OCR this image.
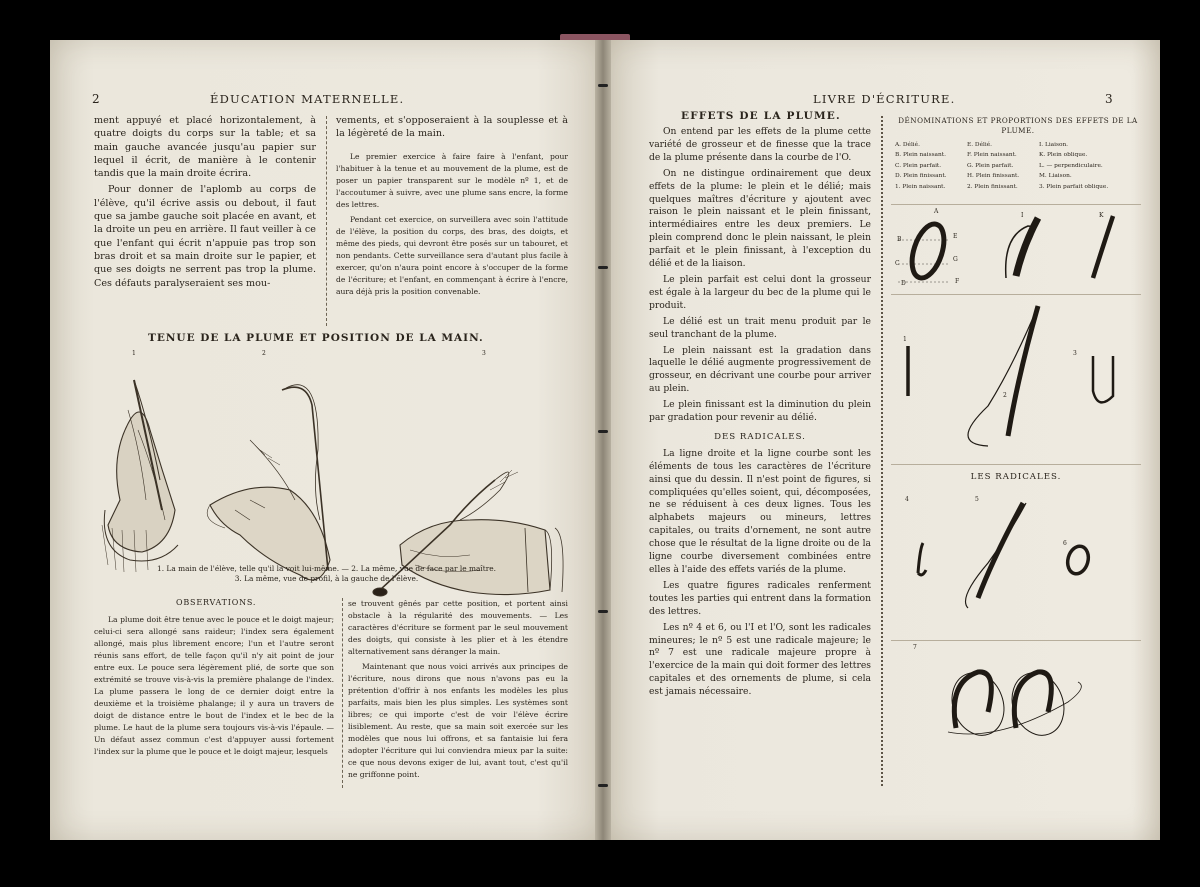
2	ÉDUCATION MATERNELLE.

ment appuyé et placé horizontalement, à quatre doigts du corps sur la table; et sa main gauche avancée jusqu'au papier sur lequel il écrit, de manière à le contenir tandis que la main droite écrira.

Pour donner de l'aplomb au corps de l'élève, qu'il écrive assis ou debout, il faut que sa jambe gauche soit placée en avant, et la droite un peu en arrière. Il faut veiller à ce que l'enfant qui écrit n'appuie pas trop son bras droit et sa main droite sur le papier, et que ses doigts ne serrent pas trop la plume. Ces défauts paralyseraient ses mou-

vements, et s'opposeraient à la souplesse et à la légèreté de la main.

Le premier exercice à faire faire à l'enfant, pour l'habituer à la tenue et au mouvement de la plume, est de poser un papier transparent sur le modèle nº 1, et de l'accoutumer à suivre, avec une plume sans encre, la forme des lettres.

Pendant cet exercice, on surveillera avec soin l'attitude de l'élève, la position du corps, des bras, des doigts, et même des pieds, qui devront être posés sur un tabouret, et non pendants. Cette surveillance sera d'autant plus facile à exercer, qu'on n'aura point encore à s'occuper de la forme de l'écriture; et l'enfant, en commençant à écrire à l'encre, aura déjà pris la position convenable.

TENUE DE LA PLUME ET POSITION DE LA MAIN.
1	2	3
1. La main de l'élève, telle qu'il la voit lui-même. — 2. La même, vue de face par le maître.
3. La même, vue de profil, à la gauche de l'élève.
OBSERVATIONS.

La plume doit être tenue avec le pouce et le doigt majeur; celui-ci sera allongé sans raideur; l'index sera également allongé, mais plus librement encore; l'un et l'autre seront réunis sans effort, de telle façon qu'il n'y ait point de jour entre eux. Le pouce sera légèrement plié, de sorte que son extrémité se trouve vis-à-vis la première phalange de l'index. La plume passera le long de ce dernier doigt entre la deuxième et la troisième phalange; il y aura un travers de doigt de distance entre le bout de l'index et le bec de la plume. Le haut de la plume sera toujours vis-à-vis l'épaule. — Un défaut assez commun c'est d'appuyer aussi fortement l'index sur la plume que le pouce et le doigt majeur, lesquels

se trouvent gênés par cette position, et portent ainsi obstacle à la régularité des mouvements. — Les caractères d'écriture se forment par le seul mouvement des doigts, qui consiste à les plier et à les étendre alternativement sans déranger la main.

Maintenant que nous voici arrivés aux principes de l'écriture, nous dirons que nous n'avons pas eu la prétention d'offrir à nos enfants les modèles les plus parfaits, mais bien les plus simples. Les systèmes sont libres; ce qui importe c'est de voir l'élève écrire lisiblement. Au reste, que sa main soit exercée sur les modèles que nous lui offrons, et sa fantaisie lui fera adopter l'écriture qui lui conviendra mieux par la suite: ce que nous devons exiger de lui, avant tout, c'est qu'il ne griffonne point.

LIVRE D'ÉCRITURE.	3
EFFETS DE LA PLUME.

On entend par les effets de la plume cette variété de grosseur et de finesse que la trace de la plume présente dans la courbe de l'O.

On ne distingue ordinairement que deux effets de la plume: le plein et le délié; mais quelques maîtres d'écriture y ajoutent avec raison le plein naissant et le plein finissant, intermédiaires entre les deux premiers. Le plein comprend donc le plein naissant, le plein parfait et le plein finissant, à l'exception du délié et de la liaison.

Le plein parfait est celui dont la grosseur est égale à la largeur du bec de la plume qui le produit.

Le délié est un trait menu produit par le seul tranchant de la plume.

Le plein naissant est la gradation dans laquelle le délié augmente progressivement de grosseur, en décrivant une courbe pour arriver au plein.

Le plein finissant est la diminution du plein par gradation pour revenir au délié.

DES RADICALES.

La ligne droite et la ligne courbe sont les éléments de tous les caractères de l'écriture ainsi que du dessin. Il n'est point de figures, si compliquées qu'elles soient, qui, décomposées, ne se réduisent à ces deux lignes. Tous les alphabets majeurs ou mineurs, lettres capitales, ou traits d'ornement, ne sont autre chose que le résultat de la ligne droite ou de la ligne courbe diversement combinées entre elles à l'aide des effets variés de la plume.

Les quatre figures radicales renferment toutes les parties qui entrent dans la formation des lettres.

Les nº 4 et 6, ou l'I et l'O, sont les radicales mineures; le nº 5 est une radicale majeure; le nº 7 est une radicale majeure propre à l'exercice de la main qui doit former des lettres capitales et des ornements de plume, si cela est jamais nécessaire.

DÉNOMINATIONS ET PROPORTIONS DES EFFETS DE LA PLUME.
A. Délié.	E. Délié.	I. Liaison.
B. Plein naissant.	F. Plein naissant.	K. Plein oblique.
C. Plein parfait.	G. Plein parfait.	L. — perpendiculaire.
D. Plein finissant.	H. Plein finissant.	M. Liaison.
1. Plein naissant.	2. Plein finissant.	3. Plein parfait oblique.
A
B
C
D
E
F
G
I	K
1
2
3
LES RADICALES.
4	5
6
7
